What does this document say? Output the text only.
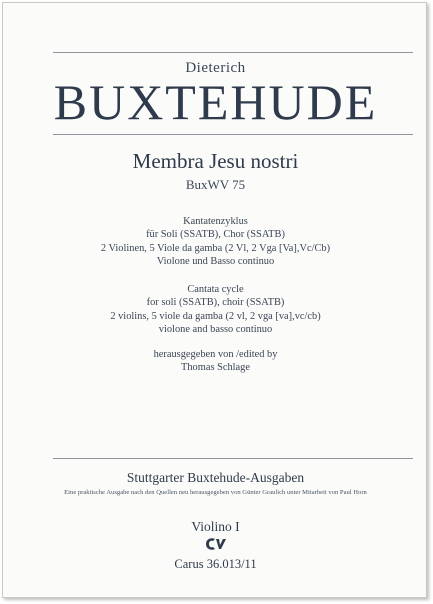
Dieterich
BUXTEHUDE
Membra Jesu nostri
BuxWV 75
Kantatenzyklus
für Soli (SSATB), Chor (SSATB)
2 Violinen, 5 Viole da gamba (2 Vl, 2 Vga [Va],Vc/Cb)
Violone und Basso continuo
Cantata cycle
for soli (SSATB), choir (SSATB)
2 violins, 5 viole da gamba (2 vl, 2 vga [va],vc/cb)
violone and basso continuo
herausgegeben von /edited by
Thomas Schlage
Stuttgarter Buxtehude-Ausgaben
Eine praktische Ausgabe nach den Quellen neu herausgegeben von Günter Graulich unter Mitarbeit von Paul Horn
Violino I
Carus 36.013/11
